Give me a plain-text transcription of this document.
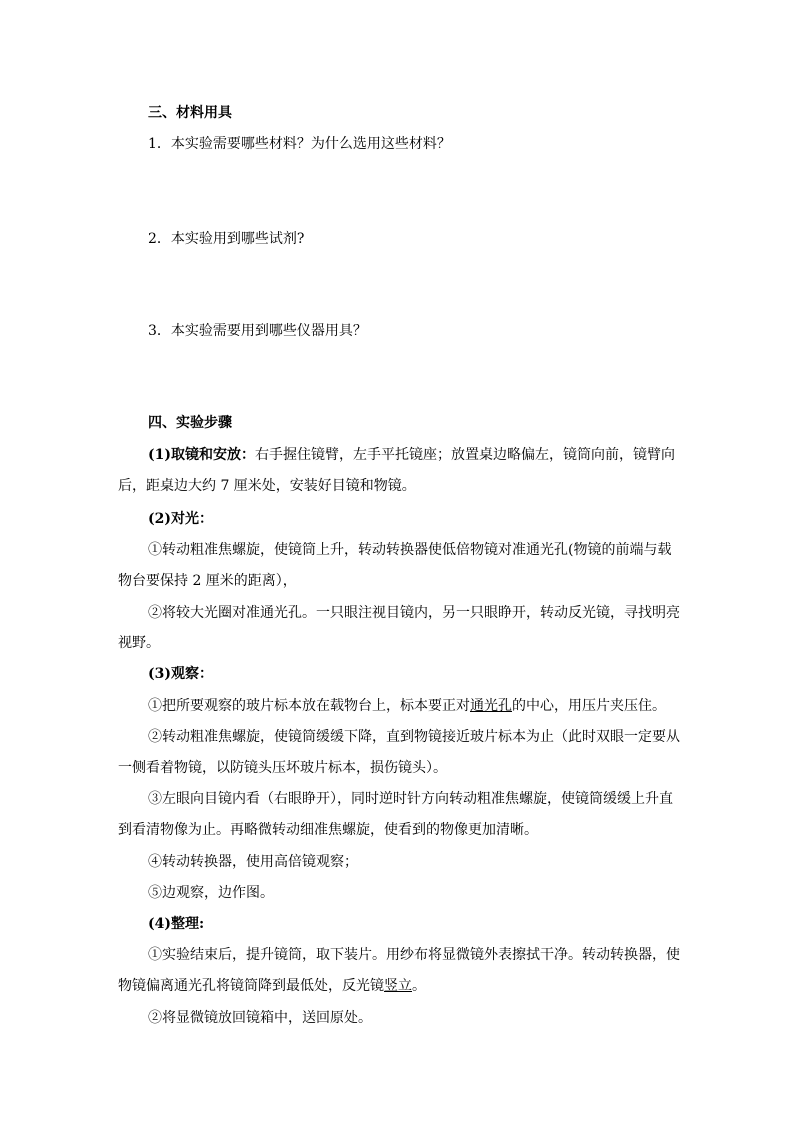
三、材料用具
1．本实验需要哪些材料？为什么选用这些材料？
2．本实验用到哪些试剂?
3．本实验需要用到哪些仪器用具？
四、实验步骤
(1)取镜和安放：右手握住镜臂，左手平托镜座；放置桌边略偏左，镜筒向前，镜臂向
后，距桌边大约 7 厘米处，安装好目镜和物镜。
(2)对光：
①转动粗准焦螺旋，使镜筒上升，转动转换器使低倍物镜对准通光孔(物镜的前端与载
物台要保持 2 厘米的距离），
②将较大光圈对准通光孔。一只眼注视目镜内，另一只眼睁开，转动反光镜，寻找明亮
视野。
(3)观察：
①把所要观察的玻片标本放在载物台上，标本要正对通光孔的中心，用压片夹压住。
②转动粗准焦螺旋，使镜筒缓缓下降，直到物镜接近玻片标本为止（此时双眼一定要从
一侧看着物镜，以防镜头压坏玻片标本，损伤镜头）。
③左眼向目镜内看（右眼睁开），同时逆时针方向转动粗准焦螺旋，使镜筒缓缓上升直
到看清物像为止。再略微转动细准焦螺旋，使看到的物像更加清晰。
④转动转换器，使用高倍镜观察；
⑤边观察，边作图。
(4)整理:
①实验结束后，提升镜筒，取下装片。用纱布将显微镜外表擦拭干净。转动转换器，使
物镜偏离通光孔将镜筒降到最低处，反光镜竖立。
②将显微镜放回镜箱中，送回原处。
